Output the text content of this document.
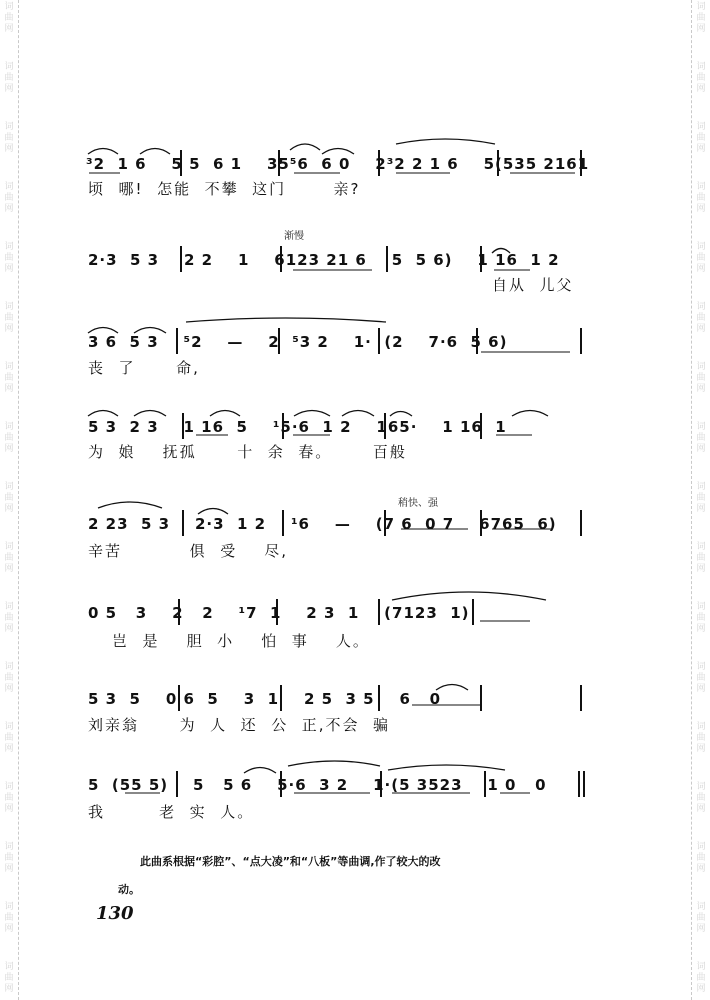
词
曲
网
词
曲
网
词
曲
网
词
曲
网
词
曲
网
词
曲
网
词
曲
网
词
曲
网
词
曲
网
词
曲
网
词
曲
网
词
曲
网
词
曲
网
词
曲
网
词
曲
网
词
曲
网
词
曲
网
词
曲
网
词
曲
网
词
曲
网
词
曲
网
词
曲
网
词
曲
网
词
曲
网
词
曲
网
词
曲
网
词
曲
网
词
曲
网
词
曲
网
词
曲
网
词
曲
网
词
曲
网
词
曲
网
词
曲
网
³2  1 6    5 5  6 1    35⁵6  6 0    2³2 2 1 6    5(535 2161
顷  哪!  怎能  不攀  这门       亲?
渐慢
2·3  5 3    2 2    1    6123 21 6    5  5 6)    1 16  1 2
自从  儿父
3 6  5 3    ⁵2    —    2  ⁵3 2    1·  (2    7·6  5 6)
丧  了      命,
5 3  2 3    1 16  5    ¹5·6  1 2    165·    1 16  1
为  娘    抚孤      十  余  春。      百般
稍快、强
2 23  5 3    2·3  1 2    ¹6    —    (7 6  0 7    6765  6)
辛苦          俱  受    尽,
0 5   3    2   2    ¹7  1    2 3  1    (7123  1)
岂  是    胆  小    怕  事    人。
5 3  5    0 6  5    3  1    2 5  3 5    6   0
刘亲翁      为  人  还  公  正,不会  骗
5  (55 5)    5   5 6    5·6  3 2    1·(5 3523    1 0   0
我        老  实  人。
此曲系根据“彩腔”、“点大凌”和“八板”等曲调,作了较大的改
动。
130
